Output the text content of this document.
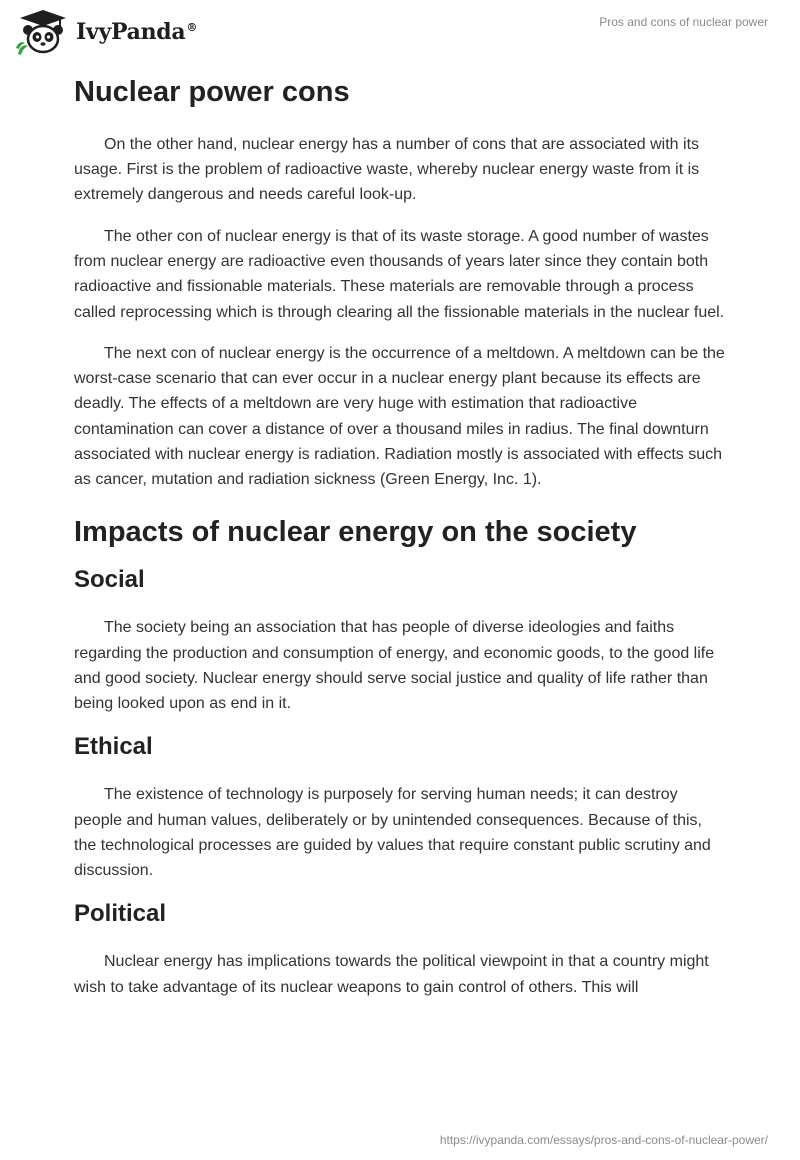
IvyPanda®	Pros and cons of nuclear power
Nuclear power cons

On the other hand, nuclear energy has a number of cons that are associated with its usage. First is the problem of radioactive waste, whereby nuclear energy waste from it is extremely dangerous and needs careful look-up.

The other con of nuclear energy is that of its waste storage. A good number of wastes from nuclear energy are radioactive even thousands of years later since they contain both radioactive and fissionable materials. These materials are removable through a process called reprocessing which is through clearing all the fissionable materials in the nuclear fuel.

The next con of nuclear energy is the occurrence of a meltdown. A meltdown can be the worst-case scenario that can ever occur in a nuclear energy plant because its effects are deadly. The effects of a meltdown are very huge with estimation that radioactive contamination can cover a distance of over a thousand miles in radius. The final downturn associated with nuclear energy is radiation. Radiation mostly is associated with effects such as cancer, mutation and radiation sickness (Green Energy, Inc. 1).

Impacts of nuclear energy on the society
Social

The society being an association that has people of diverse ideologies and faiths regarding the production and consumption of energy, and economic goods, to the good life and good society. Nuclear energy should serve social justice and quality of life rather than being looked upon as end in it.

Ethical

The existence of technology is purposely for serving human needs; it can destroy people and human values, deliberately or by unintended consequences. Because of this, the technological processes are guided by values that require constant public scrutiny and discussion.

Political

Nuclear energy has implications towards the political viewpoint in that a country might wish to take advantage of its nuclear weapons to gain control of others. This will

https://ivypanda.com/essays/pros-and-cons-of-nuclear-power/
